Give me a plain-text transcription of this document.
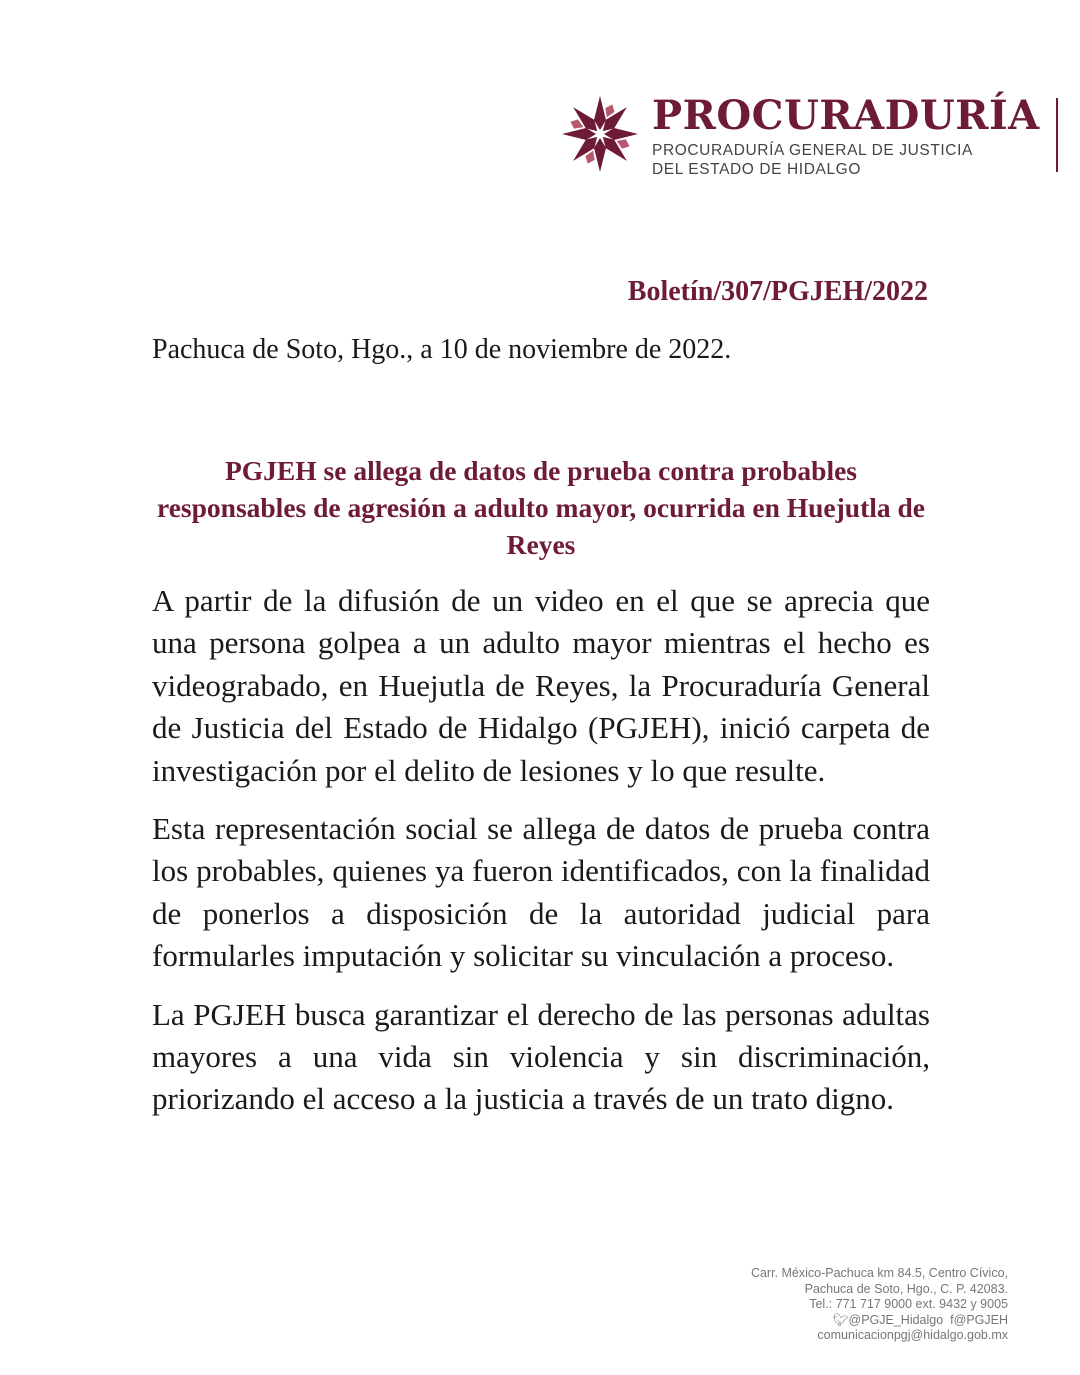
PROCURADURÍA
PROCURADURÍA GENERAL DE JUSTICIA
DEL ESTADO DE HIDALGO
Boletín/307/PGJEH/2022
Pachuca de Soto, Hgo., a 10 de noviembre de 2022.
PGJEH se allega de datos de prueba contra probables responsables de agresión a adulto mayor, ocurrida en Huejutla de Reyes

A partir de la difusión de un video en el que se aprecia que una persona golpea a un adulto mayor mientras el hecho es videograbado, en Huejutla de Reyes, la Procuraduría General de Justicia del Estado de Hidalgo (PGJEH), inició carpeta de investigación por el delito de lesiones y lo que resulte.

Esta representación social se allega de datos de prueba contra los probables, quienes ya fueron identificados, con la finalidad de ponerlos a disposición de la autoridad judicial para formularles imputación y solicitar su vinculación a proceso.

La PGJEH busca garantizar el derecho de las personas adultas mayores a una vida sin violencia y sin discriminación, priorizando el acceso a la justicia a través de un trato digno.

Carr. México-Pachuca km 84.5, Centro Cívico,
Pachuca de Soto, Hgo., C. P. 42083.
Tel.: 771 717 9000 ext. 9432 y 9005
🐦︎@PGJE_Hidalgo f@PGJEH
comunicacionpgj@hidalgo.gob.mx
